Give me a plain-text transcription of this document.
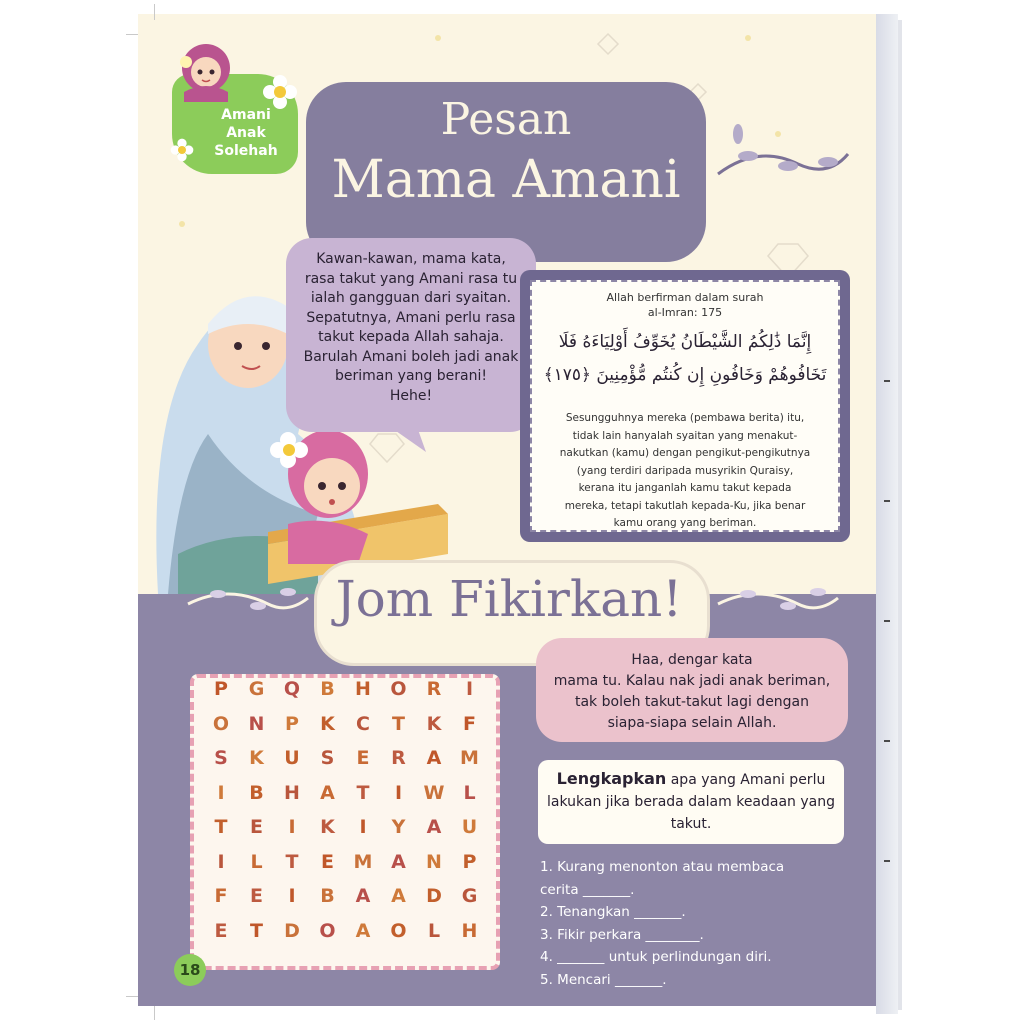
Amani
Anak
Solehah
Pesan
Mama Amani
Kawan-kawan, mama kata,
rasa takut yang Amani rasa tu
ialah gangguan dari syaitan.
Sepatutnya, Amani perlu rasa
takut kepada Allah sahaja.
Barulah Amani boleh jadi anak
beriman yang berani!
Hehe!
Allah berfirman dalam surah
al-Imran: 175
إِنَّمَا ذَٰلِكُمُ الشَّيْطَانُ يُخَوِّفُ أَوْلِيَاءَهُ فَلَا
تَخَافُوهُمْ وَخَافُونِ إِن كُنتُم مُّؤْمِنِينَ ﴿١٧٥﴾
Sesungguhnya mereka (pembawa berita) itu,
tidak lain hanyalah syaitan yang menakut-
nakutkan (kamu) dengan pengikut-pengikutnya
(yang terdiri daripada musyrikin Quraisy,
kerana itu janganlah kamu takut kepada
mereka, tetapi takutlah kepada-Ku, jika benar
kamu orang yang beriman.
Jom Fikirkan!
Haa, dengar kata
mama tu. Kalau nak jadi anak beriman,
tak boleh takut-takut lagi dengan
siapa-siapa selain Allah.
P	G	Q	B	H	O	R	I
O	N	P	K	C	T	K	F
S	K	U	S	E	R	A M
I	B	H	A	T	I	W L
T	E	I	K	I	Y	A	U
I	L	T	E	M A	N	P
F	E	I	B	A	A	D	G
E	T	D	O	A	O	L	H
Lengkapkan apa yang Amani perlu lakukan jika berada dalam keadaan yang takut.
1. Kurang menonton atau membaca
cerita _______.
2. Tenangkan _______.
3. Fikir perkara ________.
4. _______ untuk perlindungan diri.
5. Mencari _______.
18
